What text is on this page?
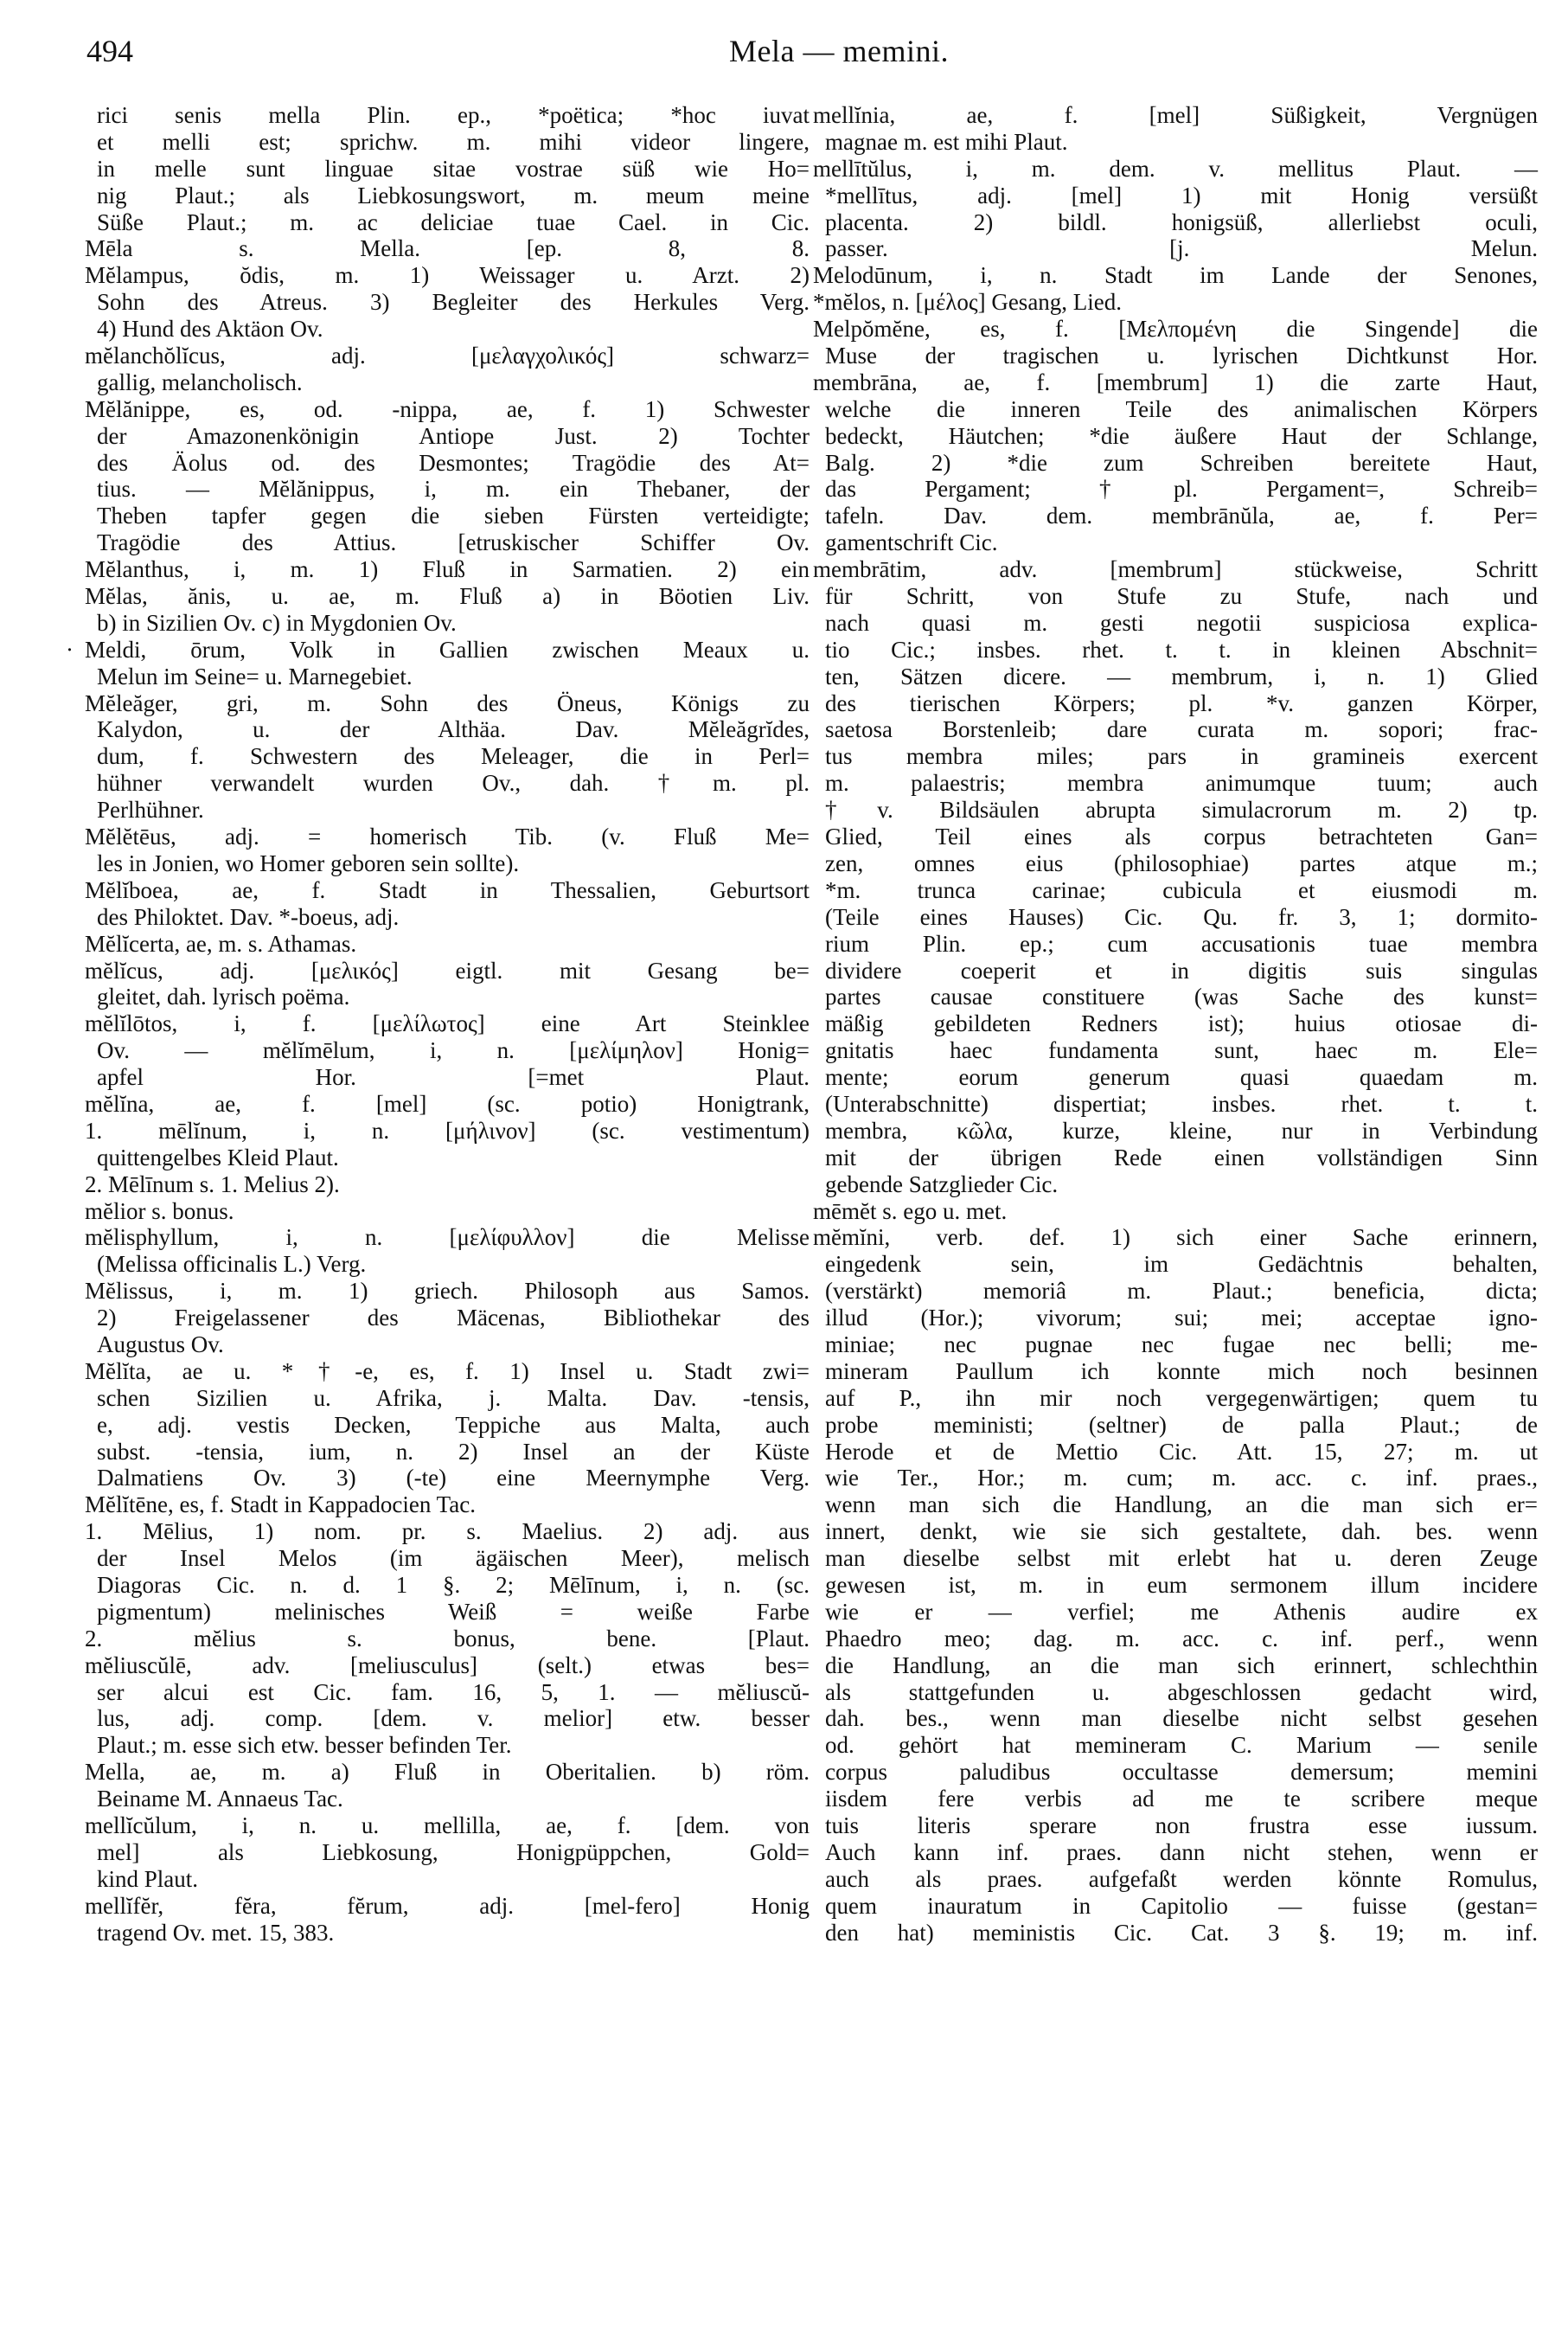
494	Mela — memini.
rici senis mella Plin. ep., *poëtica; *hoc iuvat
et melli est; sprichw. m. mihi videor lingere,
in melle sunt linguae sitae vostrae süß wie Ho=
nig Plaut.; als Liebkosungswort, m. meum meine
Süße Plaut.; m. ac deliciae tuae Cael. in Cic.
Mēla s. Mella. [ep. 8, 8.
Mĕlampus, ŏdis, m. 1) Weissager u. Arzt. 2)
Sohn des Atreus. 3) Begleiter des Herkules Verg.
4) Hund des Aktäon Ov.
mĕlanchŏlĭcus, adj. [μελαγχολικός] schwarz=
gallig, melancholisch.
Mĕlănippe, es, od. -nippa, ae, f. 1) Schwester
der Amazonenkönigin Antiope Just. 2) Tochter
des Äolus od. des Desmontes; Tragödie des At=
tius. — Mĕlănippus, i, m. ein Thebaner, der
Theben tapfer gegen die sieben Fürsten verteidigte;
Tragödie des Attius. [etruskischer Schiffer Ov.
Mĕlanthus, i, m. 1) Fluß in Sarmatien. 2) ein
Mĕlas, ănis, u. ae, m. Fluß a) in Böotien Liv.
b) in Sizilien Ov. c) in Mygdonien Ov.
· Meldi, ōrum, Volk in Gallien zwischen Meaux u.
Melun im Seine= u. Marnegebiet.
Mĕleăger, gri, m. Sohn des Öneus, Königs zu
Kalydon, u. der Althäa. Dav. Mĕleăgrĭdes,
dum, f. Schwestern des Meleager, die in Perl=
hühner verwandelt wurden Ov., dah. †m. pl.
Perlhühner.
Mĕlĕtēus, adj. = homerisch Tib. (v. Fluß Me=
les in Jonien, wo Homer geboren sein sollte).
Mĕlĭboea, ae, f. Stadt in Thessalien, Geburtsort
des Philoktet. Dav. *-boeus, adj.
Mĕlĭcerta, ae, m. s. Athamas.
mĕlĭcus, adj. [μελικός] eigtl. mit Gesang be=
gleitet, dah. lyrisch poëma.
mĕlĭlōtos, i, f. [μελίλωτος] eine Art Steinklee
Ov. — mĕlĭmēlum, i, n. [μελίμηλον] Honig=
apfel Hor. [=met Plaut.
mĕlĭna, ae, f. [mel] (sc. potio) Honigtrank,
1. mēlĭnum, i, n. [μήλινον] (sc. vestimentum)
quittengelbes Kleid Plaut.
2. Mēlīnum s. 1. Melius 2).
mĕlior s. bonus.
mĕlisphyllum, i, n. [μελίφυλλον] die Melisse
(Melissa officinalis L.) Verg.
Mĕlissus, i, m. 1) griech. Philosoph aus Samos.
2) Freigelassener des Mäcenas, Bibliothekar des
Augustus Ov.
Mĕlĭta, ae u. *†-e, es, f. 1) Insel u. Stadt zwi=
schen Sizilien u. Afrika, j. Malta. Dav. -tensis,
e, adj. vestis Decken, Teppiche aus Malta, auch
subst. -tensia, ium, n. 2) Insel an der Küste
Dalmatiens Ov. 3) (-te) eine Meernymphe Verg.
Mĕlĭtēne, es, f. Stadt in Kappadocien Tac.
1. Mēlius, 1) nom. pr. s. Maelius. 2) adj. aus
der Insel Melos (im ägäischen Meer), melisch
Diagoras Cic. n. d. 1 §. 2; Mēlīnum, i, n. (sc.
pigmentum) melinisches Weiß = weiße Farbe
2. mĕlius s. bonus, bene. [Plaut.
mĕliuscŭlē, adv. [meliusculus] (selt.) etwas bes=
ser alcui est Cic. fam. 16, 5, 1. — mĕliuscŭ-
lus, adj. comp. [dem. v. melior] etw. besser
Plaut.; m. esse sich etw. besser befinden Ter.
Mella, ae, m. a) Fluß in Oberitalien. b) röm.
Beiname M. Annaeus Tac.
mellĭcŭlum, i, n. u. mellilla, ae, f. [dem. von
mel] als Liebkosung, Honigpüppchen, Gold=
kind Plaut.
mellĭfĕr, fĕra, fĕrum, adj. [mel-fero] Honig
tragend Ov. met. 15, 383.
mellĭnia, ae, f. [mel] Süßigkeit, Vergnügen
magnae m. est mihi Plaut.
mellītŭlus, i, m. dem. v. mellitus Plaut. —
*mellītus, adj. [mel] 1) mit Honig versüßt
placenta. 2) bildl. honigsüß, allerliebst oculi,
passer. [j. Melun.
Melodūnum, i, n. Stadt im Lande der Senones,
*mĕlos, n. [μέλος] Gesang, Lied.
Melpŏmĕne, es, f. [Μελπομένη die Singende] die
Muse der tragischen u. lyrischen Dichtkunst Hor.
membrāna, ae, f. [membrum] 1) die zarte Haut,
welche die inneren Teile des animalischen Körpers
bedeckt, Häutchen; *die äußere Haut der Schlange,
Balg. 2) *die zum Schreiben bereitete Haut,
das Pergament; †pl. Pergament=, Schreib=
tafeln. Dav. dem. membrānŭla, ae, f. Per=
gamentschrift Cic.
membrātim, adv. [membrum] stückweise, Schritt
für Schritt, von Stufe zu Stufe, nach und
nach quasi m. gesti negotii suspiciosa explica-
tio Cic.; insbes. rhet. t. t. in kleinen Abschnit=
ten, Sätzen dicere. — membrum, i, n. 1) Glied
des tierischen Körpers; pl. *v. ganzen Körper,
saetosa Borstenleib; dare curata m. sopori; frac-
tus membra miles; pars in gramineis exercent
m. palaestris; membra animumque tuum; auch
†v. Bildsäulen abrupta simulacrorum m. 2) tp.
Glied, Teil eines als corpus betrachteten Gan=
zen, omnes eius (philosophiae) partes atque m.;
*m. trunca carinae; cubicula et eiusmodi m.
(Teile eines Hauses) Cic. Qu. fr. 3, 1; dormito-
rium Plin. ep.; cum accusationis tuae membra
dividere coeperit et in digitis suis singulas
partes causae constituere (was Sache des kunst=
mäßig gebildeten Redners ist); huius otiosae di-
gnitatis haec fundamenta sunt, haec m. Ele=
mente; eorum generum quasi quaedam m.
(Unterabschnitte) dispertiat; insbes. rhet. t. t.
membra, κῶλα, kurze, kleine, nur in Verbindung
mit der übrigen Rede einen vollständigen Sinn
gebende Satzglieder Cic.
mēmĕt s. ego u. met.
mĕmĭni, verb. def. 1) sich einer Sache erinnern,
eingedenk sein, im Gedächtnis behalten,
(verstärkt) memoriâ m. Plaut.; beneficia, dicta;
illud (Hor.); vivorum; sui; mei; acceptae igno-
miniae; nec pugnae nec fugae nec belli; me-
mineram Paullum ich konnte mich noch besinnen
auf P., ihn mir noch vergegenwärtigen; quem tu
probe meministi; (seltner) de palla Plaut.; de
Herode et de Mettio Cic. Att. 15, 27; m. ut
wie Ter., Hor.; m. cum; m. acc. c. inf. praes.,
wenn man sich die Handlung, an die man sich er=
innert, denkt, wie sie sich gestaltete, dah. bes. wenn
man dieselbe selbst mit erlebt hat u. deren Zeuge
gewesen ist, m. in eum sermonem illum incidere
wie er — verfiel; me Athenis audire ex
Phaedro meo; dag. m. acc. c. inf. perf., wenn
die Handlung, an die man sich erinnert, schlechthin
als stattgefunden u. abgeschlossen gedacht wird,
dah. bes., wenn man dieselbe nicht selbst gesehen
od. gehört hat memineram C. Marium — senile
corpus paludibus occultasse demersum; memini
iisdem fere verbis ad me te scribere meque
tuis literis sperare non frustra esse iussum.
Auch kann inf. praes. dann nicht stehen, wenn er
auch als praes. aufgefaßt werden könnte Romulus,
quem inauratum in Capitolio — fuisse (gestan=
den hat) meministis Cic. Cat. 3 §. 19; m. inf.
